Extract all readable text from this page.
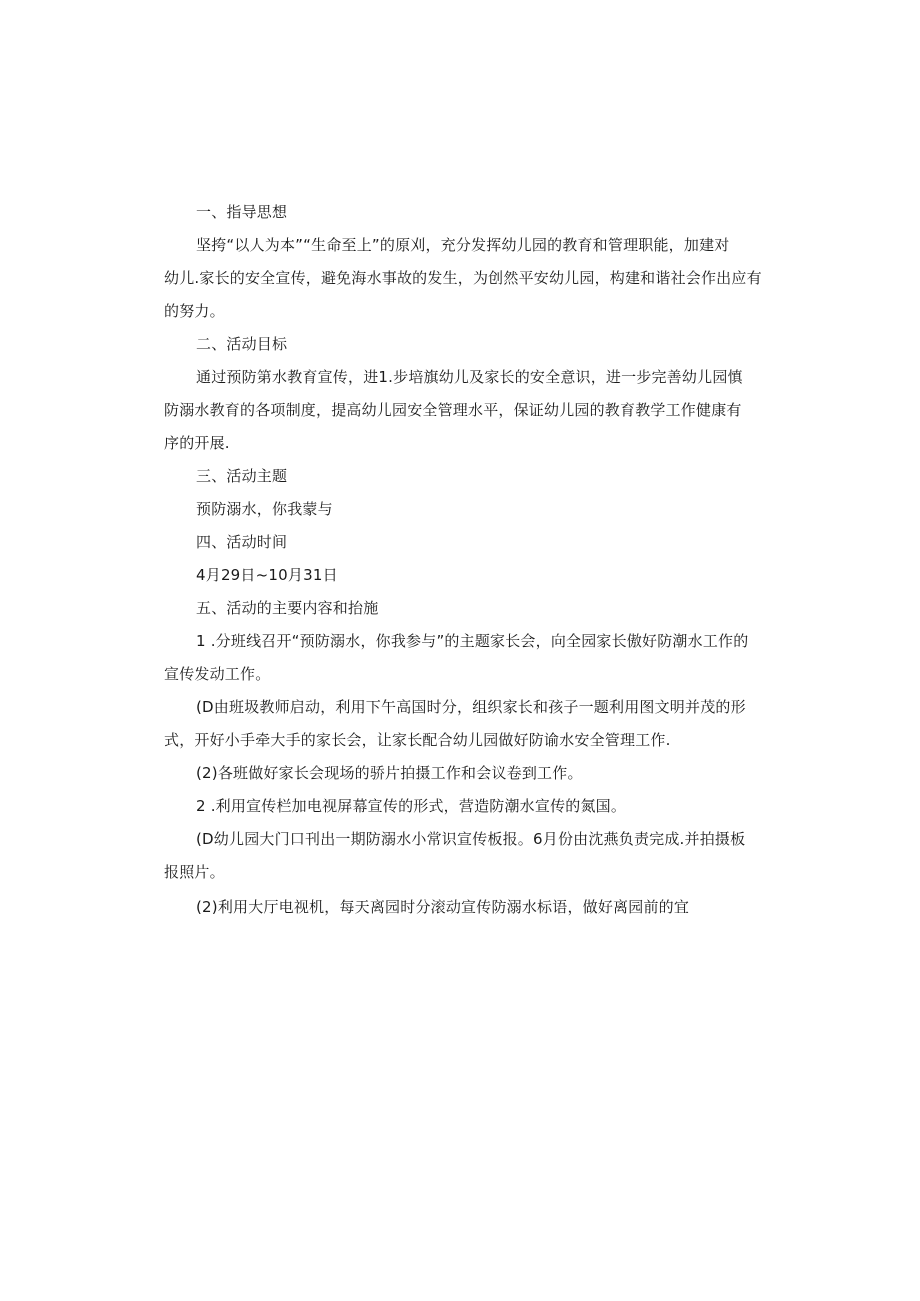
一、指导思想
坚挎“以人为本”“生命至上”的原刈，充分发挥幼儿园的教育和管理职能，加建对
幼儿.家长的安全宣传，避免海水事故的发生，为创然平安幼儿园，构建和谐社会作出应有
的努力。
二、活动目标
通过预防第水教育宣传，进1.步培旗幼儿及家长的安全意识，进一步完善幼儿园慎
防溺水教育的各项制度，提高幼儿园安全管理水平，保证幼儿园的教育教学工作健康有
序的开展.
三、活动主题
预防溺水，你我蒙与
四、活动时间
4月29日~10月31日
五、活动的主要内容和抬施
1 .分班线召开“预防溺水，你我参与”的主题家长会，向全园家长傲好防潮水工作的
宣传发动工作。
(D由班圾教师启动，利用下午高国时分，组织家长和孩子一题利用图文明并茂的形
式，开好小手牵大手的家长会，让家长配合幼儿园做好防谕水安全管理工作.
(2)各班做好家长会现场的骄片拍摄工作和会议卷到工作。
2 .利用宣传栏加电视屏幕宣传的形式，营造防潮水宣传的氮国。
(D幼儿园大门口刊出一期防溺水小常识宣传板报。6月份由沈燕负责完成.并拍摄板
报照片。
(2)利用大厅电视机，每天离园时分滚动宣传防溺水标语，做好离园前的宜
